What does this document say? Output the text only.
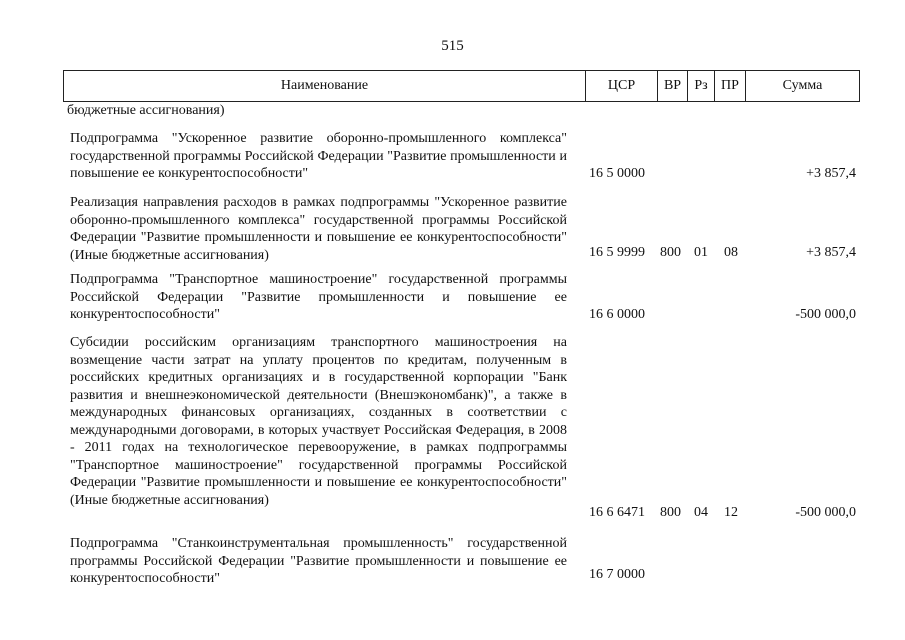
515
Наименование	ЦСР	ВР Рз ПР	Сумма
бюджетные ассигнования)
Подпрограмма "Ускоренное развитие оборонно-промышленного комплекса" государственной программы Российской Федерации "Развитие промышленности и повышение ее конкурентоспособности"	16 5 0000	+3 857,4
Реализация направления расходов в рамках подпрограммы "Ускоренное развитие оборонно-промышленного комплекса" государственной программы Российской Федерации "Развитие промышленности и повышение ее конкурентоспособности" (Иные бюджетные ассигнования)	16 5 9999 800 01 08	+3 857,4
Подпрограмма "Транспортное машиностроение" государственной программы Российской Федерации "Развитие промышленности и повышение ее конкурентоспособности"	16 6 0000	-500 000,0
Субсидии российским организациям транспортного машиностроения на возмещение части затрат на уплату процентов по кредитам, полученным в российских кредитных организациях и в государственной корпорации "Банк развития и внешнеэкономической деятельности (Внешэкономбанк)", а также в международных финансовых организациях, созданных в соответствии с международными договорами, в которых участвует Российская Федерация, в 2008 - 2011 годах на технологическое перевооружение, в рамках подпрограммы "Транспортное машиностроение" государственной программы Российской Федерации "Развитие промышленности и повышение ее конкурентоспособности" (Иные бюджетные ассигнования)
16 6 6471 800 04 12	-500 000,0
Подпрограмма "Станкоинструментальная промышленность" государственной программы Российской Федерации "Развитие промышленности и повышение ее конкурентоспособности"	16 7 0000
